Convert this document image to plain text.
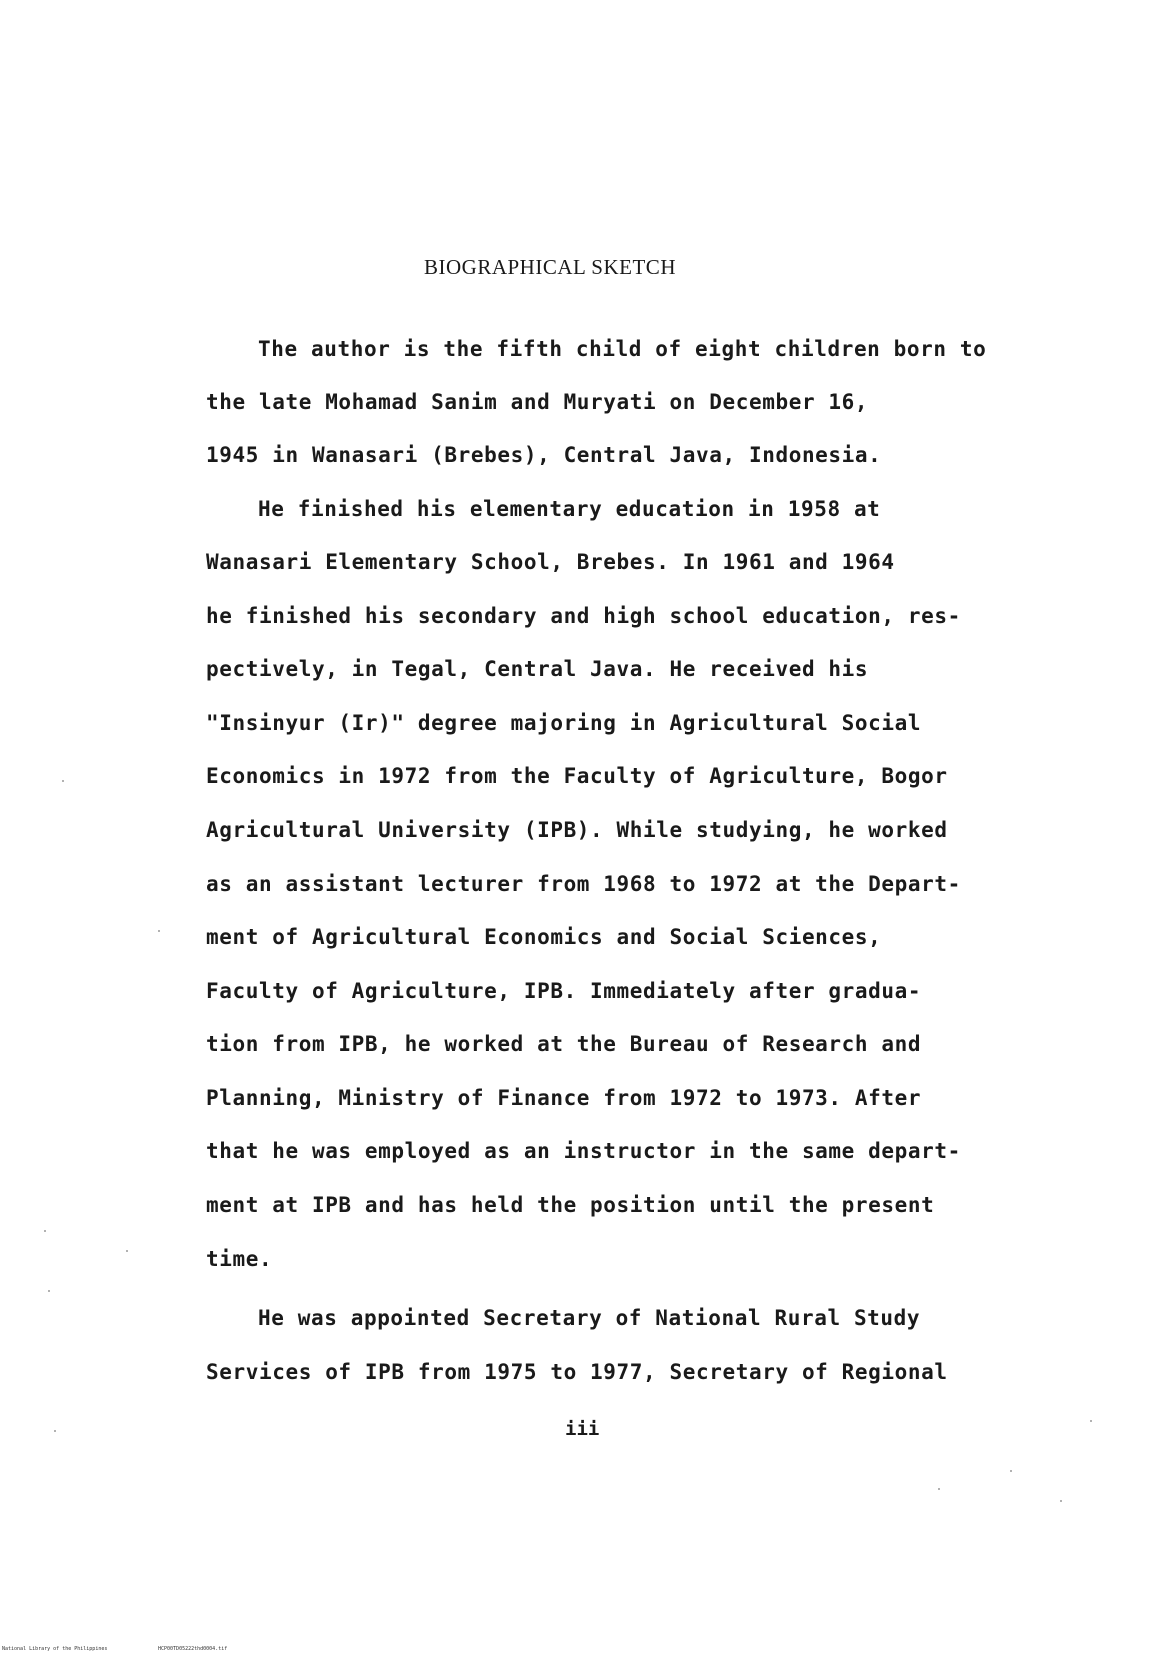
BIOGRAPHICAL SKETCH
The author is the fifth child of eight children born to
the late Mohamad Sanim and Muryati on December 16,
1945 in Wanasari (Brebes), Central Java, Indonesia.
He finished his elementary education in 1958 at
Wanasari Elementary School, Brebes. In 1961 and 1964
he finished his secondary and high school education, res-
pectively, in Tegal, Central Java. He received his
"Insinyur (Ir)" degree majoring in Agricultural Social
Economics in 1972 from the Faculty of Agriculture, Bogor
Agricultural University (IPB). While studying, he worked
as an assistant lecturer from 1968 to 1972 at the Depart-
ment of Agricultural Economics and Social Sciences,
Faculty of Agriculture, IPB. Immediately after gradua-
tion from IPB, he worked at the Bureau of Research and
Planning, Ministry of Finance from 1972 to 1973. After
that he was employed as an instructor in the same depart-
ment at IPB and has held the position until the present
time.
He was appointed Secretary of National Rural Study
Services of IPB from 1975 to 1977, Secretary of Regional
iii
National Library of the Philippines	HCP00TD05222thd0004.tif
